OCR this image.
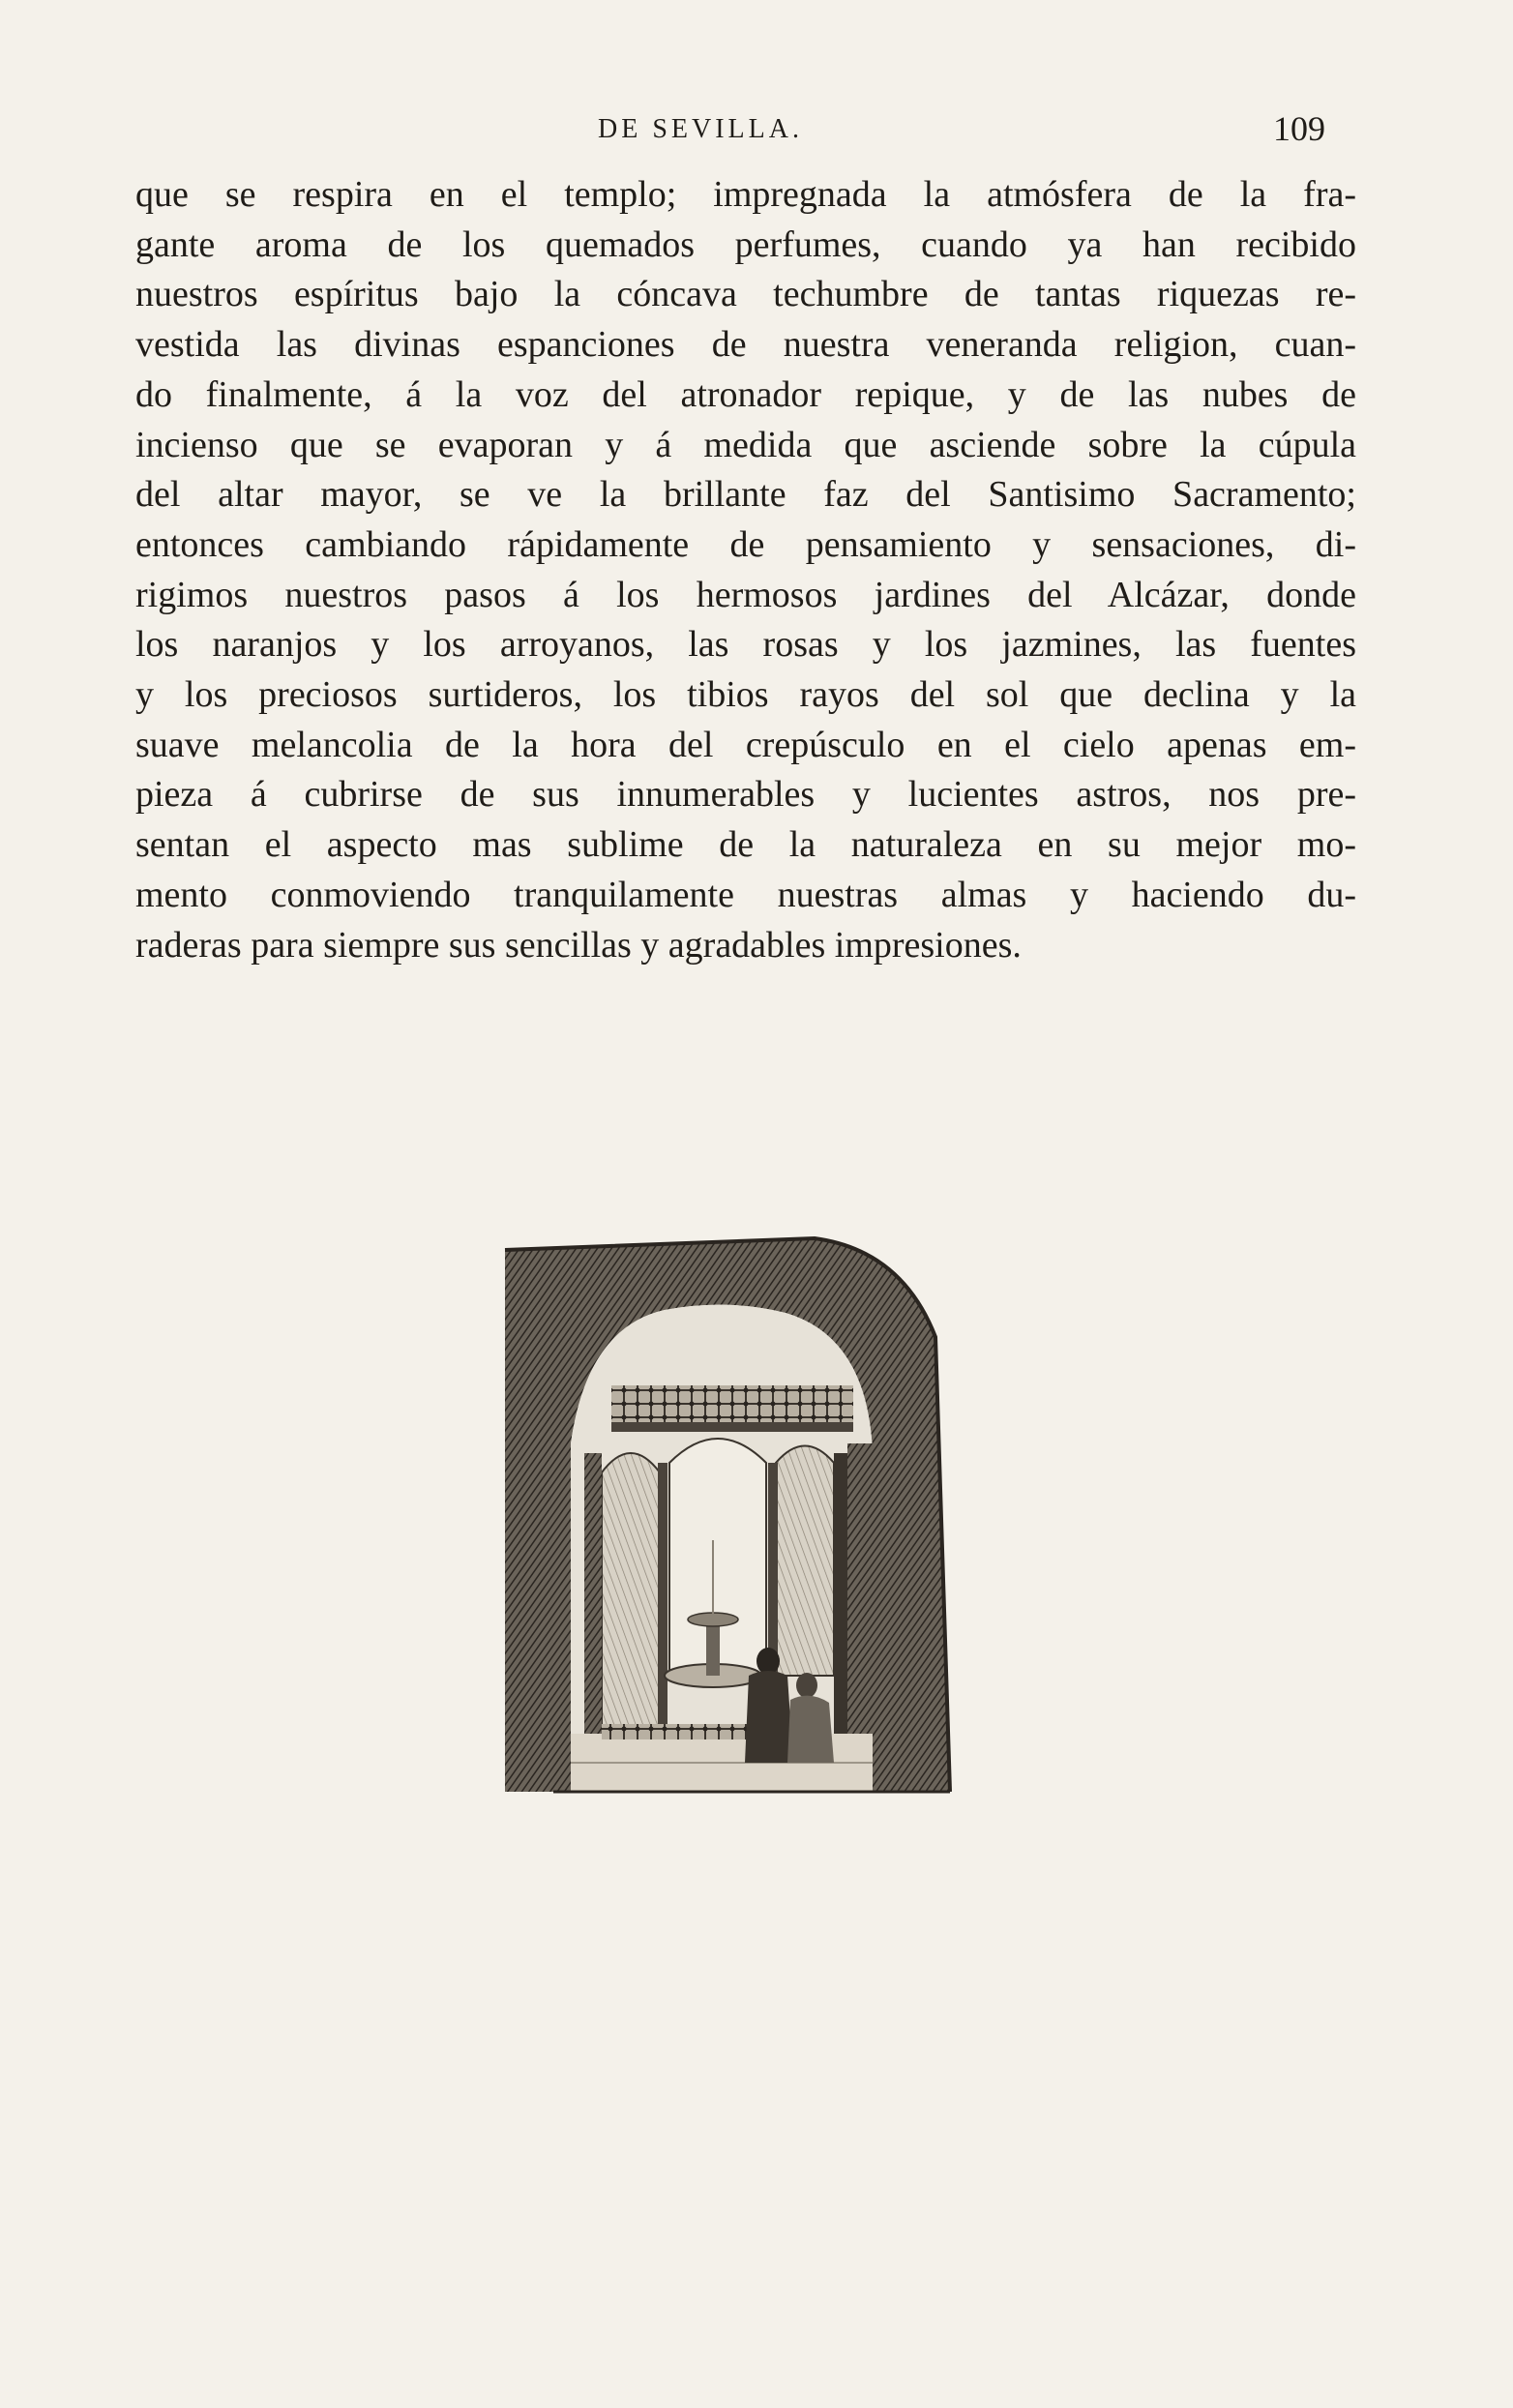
DE SEVILLA.	109
que se respira en el templo; impregnada la atmósfera de la fra-
gante aroma de los quemados perfumes, cuando ya han recibido
nuestros espíritus bajo la cóncava techumbre de tantas riquezas re-
vestida las divinas espanciones de nuestra veneranda religion, cuan-
do finalmente, á la voz del atronador repique, y de las nubes de
incienso que se evaporan y á medida que asciende sobre la cúpula
del altar mayor, se ve la brillante faz del Santisimo Sacramento;
entonces cambiando rápidamente de pensamiento y sensaciones, di-
rigimos nuestros pasos á los hermosos jardines del Alcázar, donde
los naranjos y los arroyanos, las rosas y los jazmines, las fuentes
y los preciosos surtideros, los tibios rayos del sol que declina y la
suave melancolia de la hora del crepúsculo en el cielo apenas em-
pieza á cubrirse de sus innumerables y lucientes astros, nos pre-
sentan el aspecto mas sublime de la naturaleza en su mejor mo-
mento conmoviendo tranquilamente nuestras almas y haciendo du-
raderas para siempre sus sencillas y agradables impresiones.
